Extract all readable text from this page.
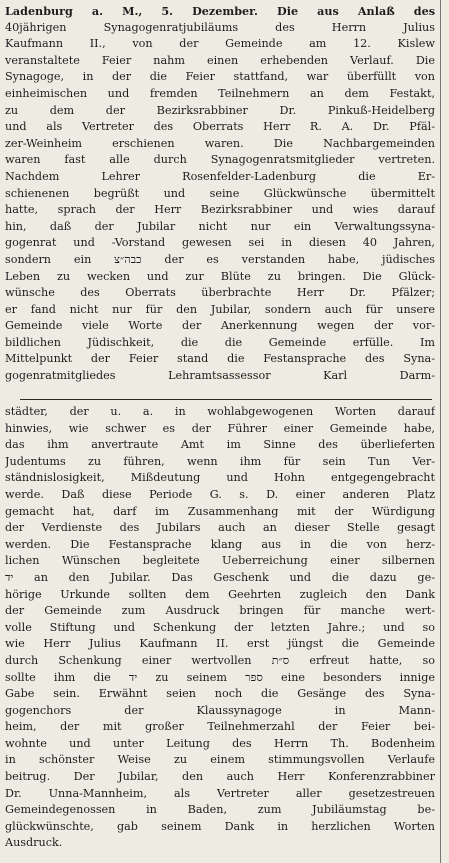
Ladenburg a. M., 5. Dezember. Die aus Anlaß des
40jährigen Synagogenratjubiläums des Herrn Julius
Kaufmann II., von der Gemeinde am 12. Kislew
veranstaltete Feier nahm einen erhebenden Verlauf. Die
Synagoge, in der die Feier stattfand, war überfüllt von
einheimischen und fremden Teilnehmern an dem Festakt,
zu dem der Bezirksrabbiner Dr. Pinkuß-Heidelberg
und als Vertreter des Oberrats Herr R. A. Dr. Pfäl-
zer-Weinheim erschienen waren. Die Nachbargemeinden
waren fast alle durch Synagogenratsmitglieder vertreten.
Nachdem Lehrer Rosenfelder-Ladenburg die Er-
schienenen begrüßt und seine Glückwünsche übermittelt
hatte, sprach der Herr Bezirksrabbiner und wies darauf
hin, daß der Jubilar nicht nur ein Verwaltungssyna-
gogenrat und -Vorstand gewesen sei in diesen 40 Jahren,
sondern ein כבה״צ der es verstanden habe, jüdisches
Leben zu wecken und zur Blüte zu bringen. Die Glück-
wünsche des Oberrats überbrachte Herr Dr. Pfälzer;
er fand nicht nur für den Jubilar, sondern auch für unsere
Gemeinde viele Worte der Anerkennung wegen der vor-
bildlichen Jüdischkeit, die die Gemeinde erfülle. Im
Mittelpunkt der Feier stand die Festansprache des Syna-
gogenratmitgliedes Lehramtsassessor Karl Darm-
städter, der u. a. in wohlabgewogenen Worten darauf
hinwies, wie schwer es der Führer einer Gemeinde habe,
das ihm anvertraute Amt im Sinne des überlieferten
Judentums zu führen, wenn ihm für sein Tun Ver-
ständnislosigkeit, Mißdeutung und Hohn entgegengebracht
werde. Daß diese Periode G. s. D. einer anderen Platz
gemacht hat, darf im Zusammenhang mit der Würdigung
der Verdienste des Jubilars auch an dieser Stelle gesagt
werden. Die Festansprache klang aus in die von herz-
lichen Wünschen begleitete Ueberreichung einer silbernen
יד an den Jubilar. Das Geschenk und die dazu ge-
hörige Urkunde sollten dem Geehrten zugleich den Dank
der Gemeinde zum Ausdruck bringen für manche wert-
volle Stiftung und Schenkung der letzten Jahre.; und so
wie Herr Julius Kaufmann II. erst jüngst die Gemeinde
durch Schenkung einer wertvollen ס״ת erfreut hatte, so
sollte ihm die יד zu seinem ספר eine besonders innige
Gabe sein. Erwähnt seien noch die Gesänge des Syna-
gogenchors der Klaussynagoge in Mann-
heim, der mit großer Teilnehmerzahl der Feier bei-
wohnte und unter Leitung des Herrn Th. Bodenheim
in schönster Weise zu einem stimmungsvollen Verlaufe
beitrug. Der Jubilar, den auch Herr Konferenzrabbiner
Dr. Unna-Mannheim, als Vertreter aller gesetzestreuen
Gemeindegenossen in Baden, zum Jubiläumstag be-
glückwünschte, gab seinem Dank in herzlichen Worten
Ausdruck.
